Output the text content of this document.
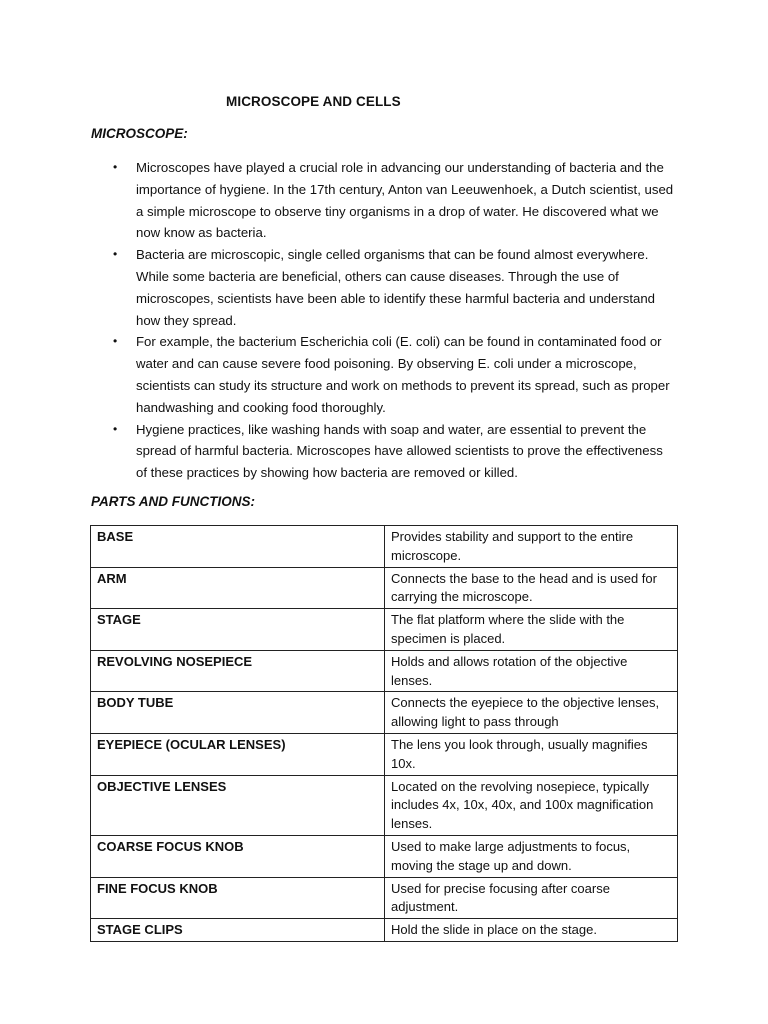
MICROSCOPE AND CELLS
MICROSCOPE:
• Microscopes have played a crucial role in advancing our understanding of bacteria and the importance of hygiene. In the 17th century, Anton van Leeuwenhoek, a Dutch scientist, used a simple microscope to observe tiny organisms in a drop of water. He discovered what we now know as bacteria.
• Bacteria are microscopic, single celled organisms that can be found almost everywhere. While some bacteria are beneficial, others can cause diseases. Through the use of microscopes, scientists have been able to identify these harmful bacteria and understand how they spread.
• For example, the bacterium Escherichia coli (E. coli) can be found in contaminated food or water and can cause severe food poisoning. By observing E. coli under a microscope, scientists can study its structure and work on methods to prevent its spread, such as proper handwashing and cooking food thoroughly.
• Hygiene practices, like washing hands with soap and water, are essential to prevent the spread of harmful bacteria. Microscopes have allowed scientists to prove the effectiveness of these practices by showing how bacteria are removed or killed.
PARTS AND FUNCTIONS:
BASE	Provides stability and support to the entire microscope.
ARM	Connects the base to the head and is used for carrying the microscope.
STAGE	The flat platform where the slide with the specimen is placed.
REVOLVING NOSEPIECE	Holds and allows rotation of the objective lenses.
BODY TUBE	Connects the eyepiece to the objective lenses, allowing light to pass through
EYEPIECE (OCULAR LENSES)	The lens you look through, usually magnifies 10x.
OBJECTIVE LENSES	Located on the revolving nosepiece, typically includes 4x, 10x, 40x, and 100x magnification lenses.
COARSE FOCUS KNOB	Used to make large adjustments to focus, moving the stage up and down.
FINE FOCUS KNOB	Used for precise focusing after coarse adjustment.
STAGE CLIPS	Hold the slide in place on the stage.
